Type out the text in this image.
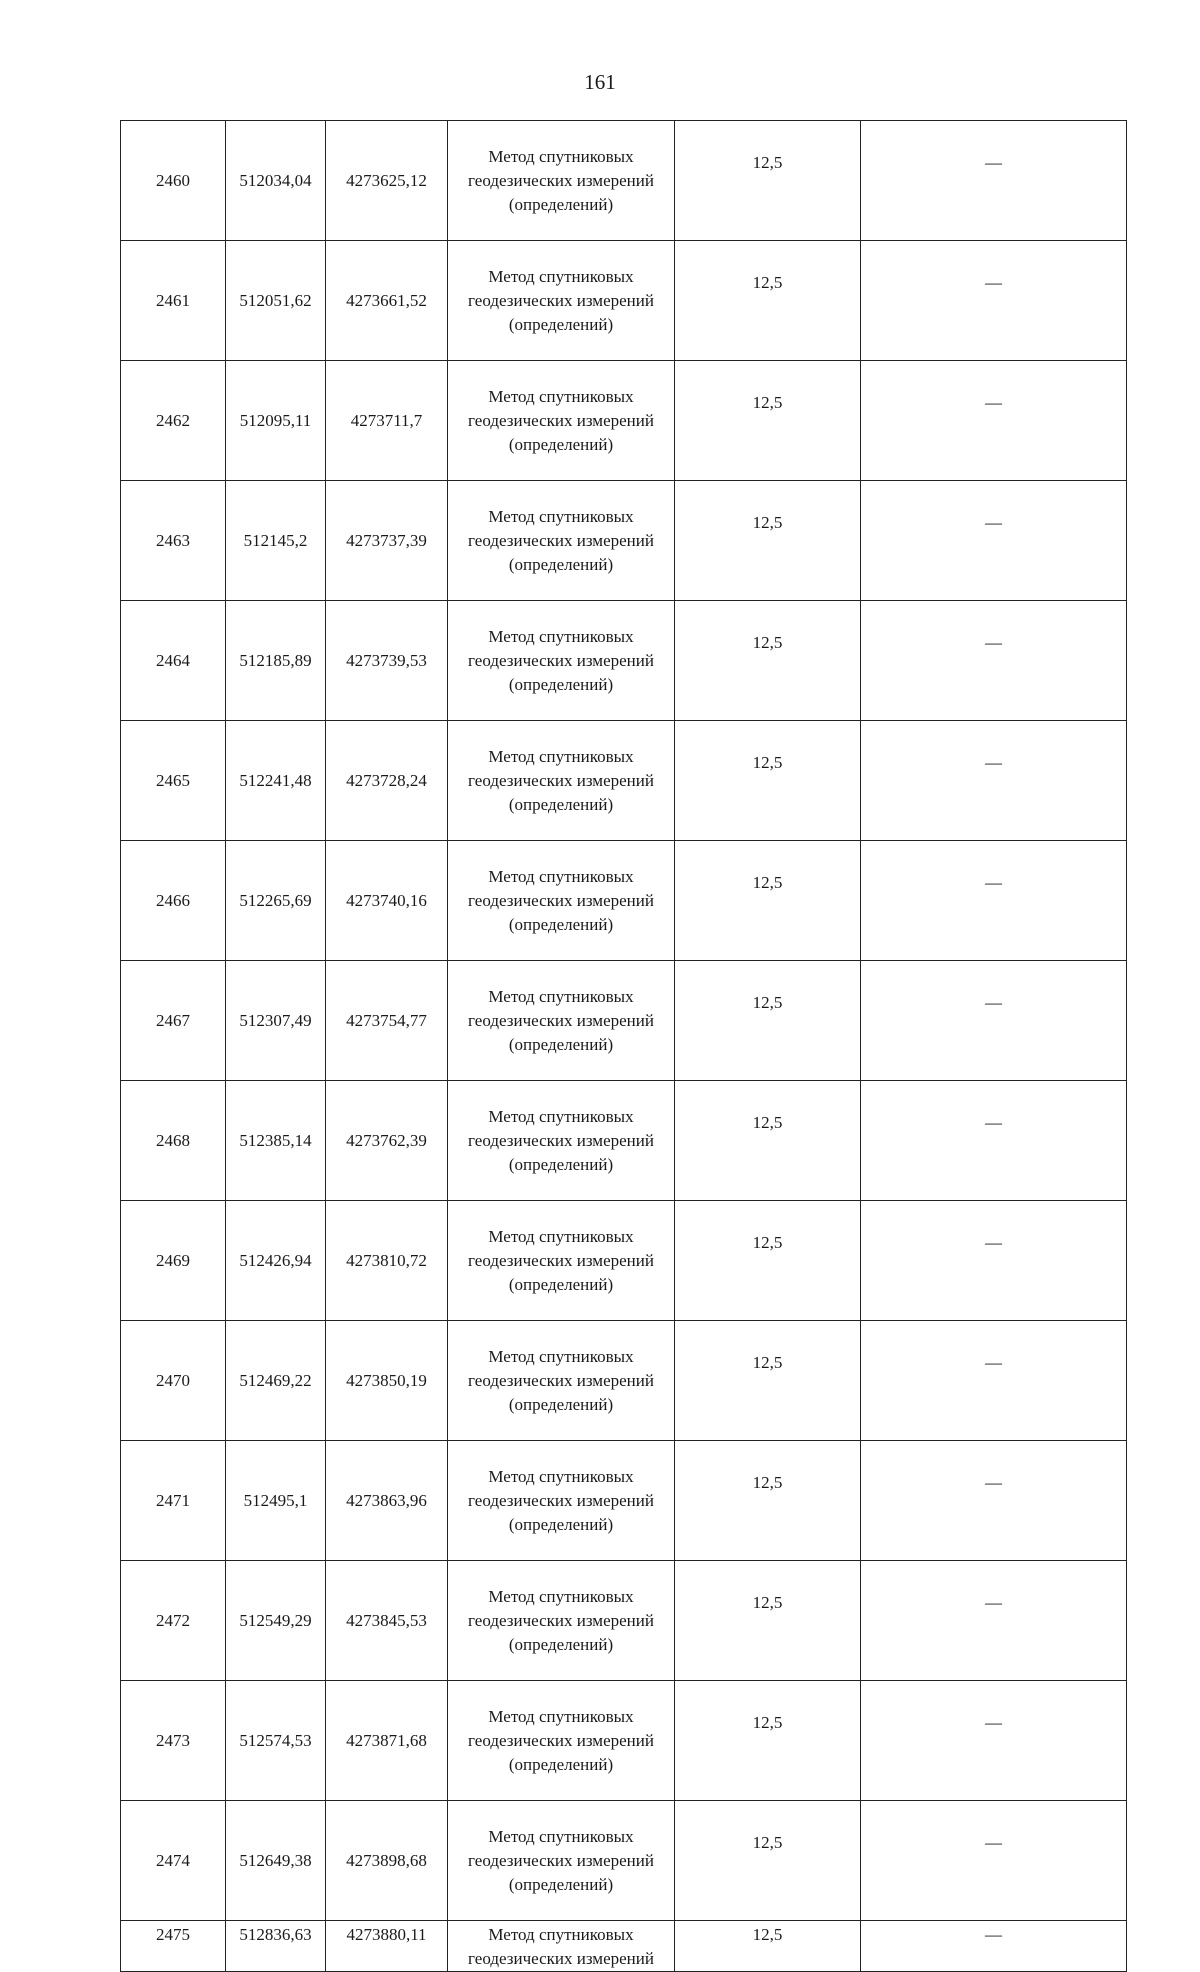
161
2460	512034,04	4273625,12	Метод спутниковых
геодезических измерений
(определений)	12,5	—
2461	512051,62	4273661,52	Метод спутниковых
геодезических измерений
(определений)	12,5	—
2462	512095,11	4273711,7	Метод спутниковых
геодезических измерений
(определений)	12,5	—
2463	512145,2	4273737,39	Метод спутниковых
геодезических измерений
(определений)	12,5	—
2464	512185,89	4273739,53	Метод спутниковых
геодезических измерений
(определений)	12,5	—
2465	512241,48	4273728,24	Метод спутниковых
геодезических измерений
(определений)	12,5	—
2466	512265,69	4273740,16	Метод спутниковых
геодезических измерений
(определений)	12,5	—
2467	512307,49	4273754,77	Метод спутниковых
геодезических измерений
(определений)	12,5	—
2468	512385,14	4273762,39	Метод спутниковых
геодезических измерений
(определений)	12,5	—
2469	512426,94	4273810,72	Метод спутниковых
геодезических измерений
(определений)	12,5	—
2470	512469,22	4273850,19	Метод спутниковых
геодезических измерений
(определений)	12,5	—
2471	512495,1	4273863,96	Метод спутниковых
геодезических измерений
(определений)	12,5	—
2472	512549,29	4273845,53	Метод спутниковых
геодезических измерений
(определений)	12,5	—
2473	512574,53	4273871,68	Метод спутниковых
геодезических измерений
(определений)	12,5	—
2474	512649,38	4273898,68	Метод спутниковых
геодезических измерений
(определений)	12,5	—
2475	512836,63	4273880,11	Метод спутниковых
геодезических измерений	12,5	—
